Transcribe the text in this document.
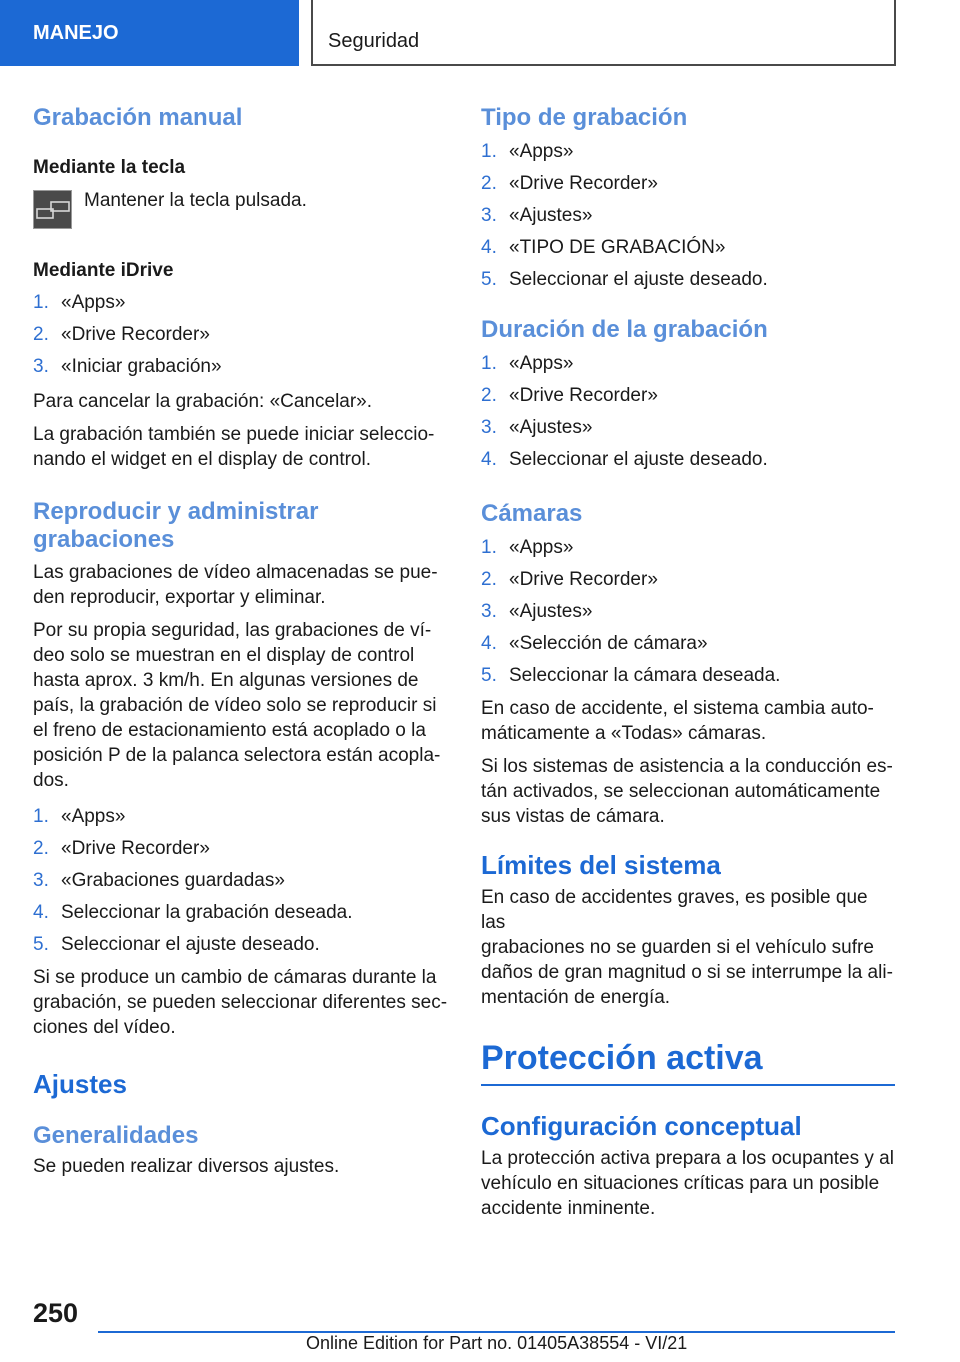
MANEJO	Seguridad
Grabación manual
Mediante la tecla

Mantener la tecla pulsada.

Mediante iDrive
1. «Apps»
2. «Drive Recorder»
3. «Iniciar grabación»

Para cancelar la grabación: «Cancelar».

La grabación también se puede iniciar seleccio‐
nando el widget en el display de control.

Reproducir y administrar
grabaciones

Las grabaciones de vídeo almacenadas se pue‐
den reproducir, exportar y eliminar.

Por su propia seguridad, las grabaciones de ví‐
deo solo se muestran en el display de control
hasta aprox. 3 km/h. En algunas versiones de
país, la grabación de vídeo solo se reproducir si
el freno de estacionamiento está acoplado o la
posición P de la palanca selectora están acopla‐
dos.

1. «Apps»
2. «Drive Recorder»
3. «Grabaciones guardadas»
4. Seleccionar la grabación deseada.
5. Seleccionar el ajuste deseado.

Si se produce un cambio de cámaras durante la
grabación, se pueden seleccionar diferentes sec‐
ciones del vídeo.

Ajustes
Generalidades

Se pueden realizar diversos ajustes.

Tipo de grabación
1. «Apps»
2. «Drive Recorder»
3. «Ajustes»
4. «TIPO DE GRABACIÓN»
5. Seleccionar el ajuste deseado.
Duración de la grabación
1. «Apps»
2. «Drive Recorder»
3. «Ajustes»
4. Seleccionar el ajuste deseado.
Cámaras
1. «Apps»
2. «Drive Recorder»
3. «Ajustes»
4. «Selección de cámara»
5. Seleccionar la cámara deseada.

En caso de accidente, el sistema cambia auto‐
máticamente a «Todas» cámaras.

Si los sistemas de asistencia a la conducción es‐
tán activados, se seleccionan automáticamente
sus vistas de cámara.

Límites del sistema

En caso de accidentes graves, es posible que las
grabaciones no se guarden si el vehículo sufre
daños de gran magnitud o si se interrumpe la ali‐
mentación de energía.

Protección activa
Configuración conceptual

La protección activa prepara a los ocupantes y al
vehículo en situaciones críticas para un posible
accidente inminente.

250
Online Edition for Part no. 01405A38554 - VI/21
